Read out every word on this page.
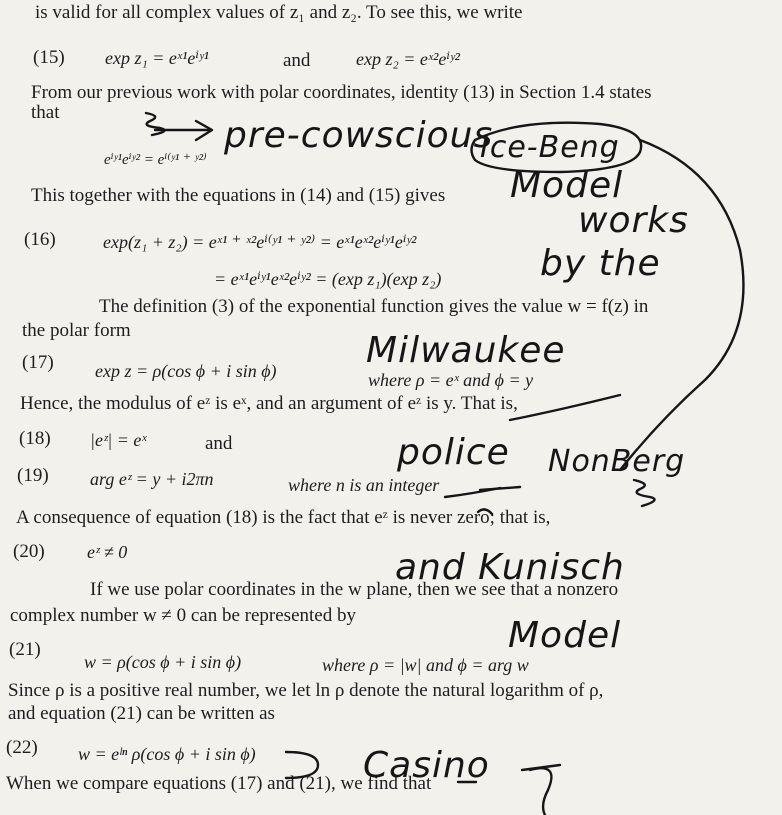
is valid for all complex values of z₁ and z₂. To see this, we write
(15) exp z₁ = eˣ¹eⁱʸ¹	and	exp z₂ = eˣ²eⁱʸ²
From our previous work with polar coordinates, identity (13) in Section 1.4 states
that
eⁱʸ¹eⁱʸ² = eⁱ⁽ʸ¹ ⁺ ʸ²⁾
This together with the equations in (14) and (15) gives
(16)	exp(z₁ + z₂) = eˣ¹ ⁺ ˣ²eⁱ⁽ʸ¹ ⁺ ʸ²⁾ = eˣ¹eˣ²eⁱʸ¹eⁱʸ²
= eˣ¹eⁱʸ¹eˣ²eⁱʸ² = (exp z₁)(exp z₂)
The definition (3) of the exponential function gives the value w = f(z) in
the polar form
(17) exp z = ρ(cos ϕ + i sin ϕ)	where ρ = eˣ and ϕ = y
Hence, the modulus of eᶻ is eˣ, and an argument of eᶻ is y. That is,
(18) |eᶻ| = eˣ	and
(19) arg eᶻ = y + i2πn	where n is an integer
A consequence of equation (18) is the fact that eᶻ is never zero; that is,
(20) eᶻ ≠ 0
If we use polar coordinates in the w plane, then we see that a nonzero
complex number w ≠ 0 can be represented by
(21)
w = ρ(cos ϕ + i sin ϕ)	where ρ = |w| and ϕ = arg w
Since ρ is a positive real number, we let ln ρ denote the natural logarithm of ρ,
and equation (21) can be written as
(22) w = eˡⁿ ρ(cos ϕ + i sin ϕ)
When we compare equations (17) and (21), we find that
pre-cowscious
Ice-Beng
Model
works
by the
Milwaukee
police NonBerg
and Kunisch
Model
Casino
